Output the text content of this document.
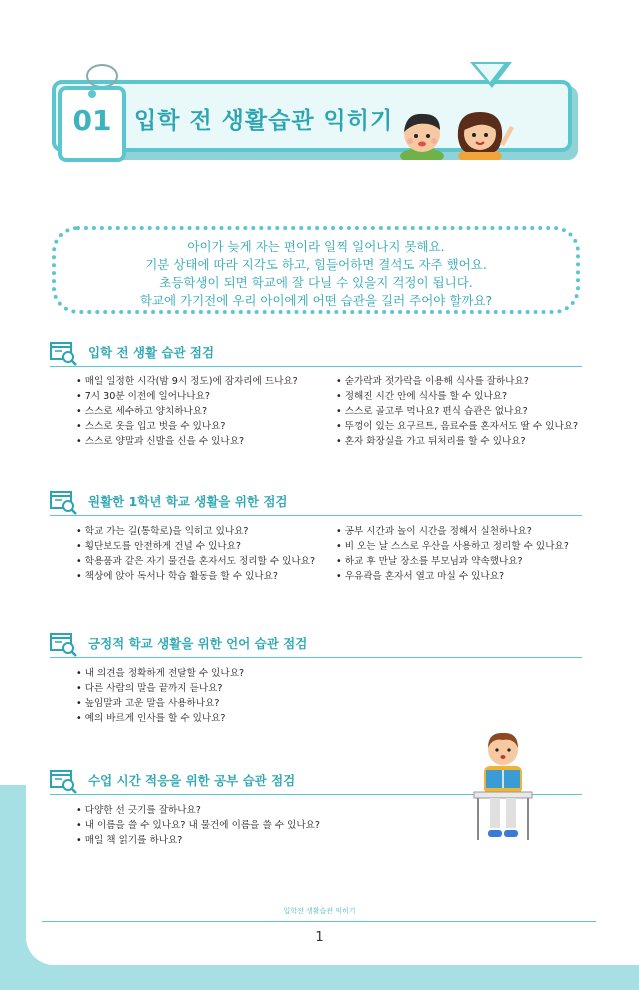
01 입학 전 생활습관 익히기

아이가 늦게 자는 편이라 일찍 일어나지 못해요.

기분 상태에 따라 지각도 하고, 힘들어하면 결석도 자주 했어요.

초등학생이 되면 학교에 잘 다닐 수 있을지 걱정이 됩니다.

학교에 가기전에 우리 아이에게 어떤 습관을 길러 주어야 할까요?

입학 전 생활 습관 점검
• 매일 일정한 시각(밤 9시 정도)에 잠자리에 드나요?
• 7시 30분 이전에 일어나나요?
• 스스로 세수하고 양치하나요?
• 스스로 옷을 입고 벗을 수 있나요?
• 스스로 양말과 신발을 신을 수 있나요?
• 숟가락과 젓가락을 이용해 식사를 잘하나요?
• 정해진 시간 안에 식사를 할 수 있나요?
• 스스로 골고루 먹나요? 편식 습관은 없나요?
• 뚜껑이 있는 요구르트, 음료수를 혼자서도 딸 수 있나요?
• 혼자 화장실을 가고 뒤처리를 할 수 있나요?
원활한 1학년 학교 생활을 위한 점검
• 학교 가는 길(통학로)을 익히고 있나요?
• 횡단보도를 안전하게 건널 수 있나요?
• 학용품과 같은 자기 물건을 혼자서도 정리할 수 있나요?
• 책상에 앉아 독서나 학습 활동을 할 수 있나요?
• 공부 시간과 놀이 시간을 정해서 실천하나요?
• 비 오는 날 스스로 우산을 사용하고 정리할 수 있나요?
• 하교 후 만날 장소를 부모님과 약속했나요?
• 우유곽을 혼자서 열고 마실 수 있나요?
긍정적 학교 생활을 위한 언어 습관 점검
• 내 의견을 정확하게 전달할 수 있나요?
• 다른 사람의 말을 끝까지 듣나요?
• 높임말과 고운 말을 사용하나요?
• 예의 바르게 인사를 할 수 있나요?
수업 시간 적응을 위한 공부 습관 점검
• 다양한 선 긋기를 잘하나요?
• 내 이름을 쓸 수 있나요? 내 물건에 이름을 쓸 수 있나요?
• 매일 책 읽기를 하나요?
입학전 생활습관 익히기
1
